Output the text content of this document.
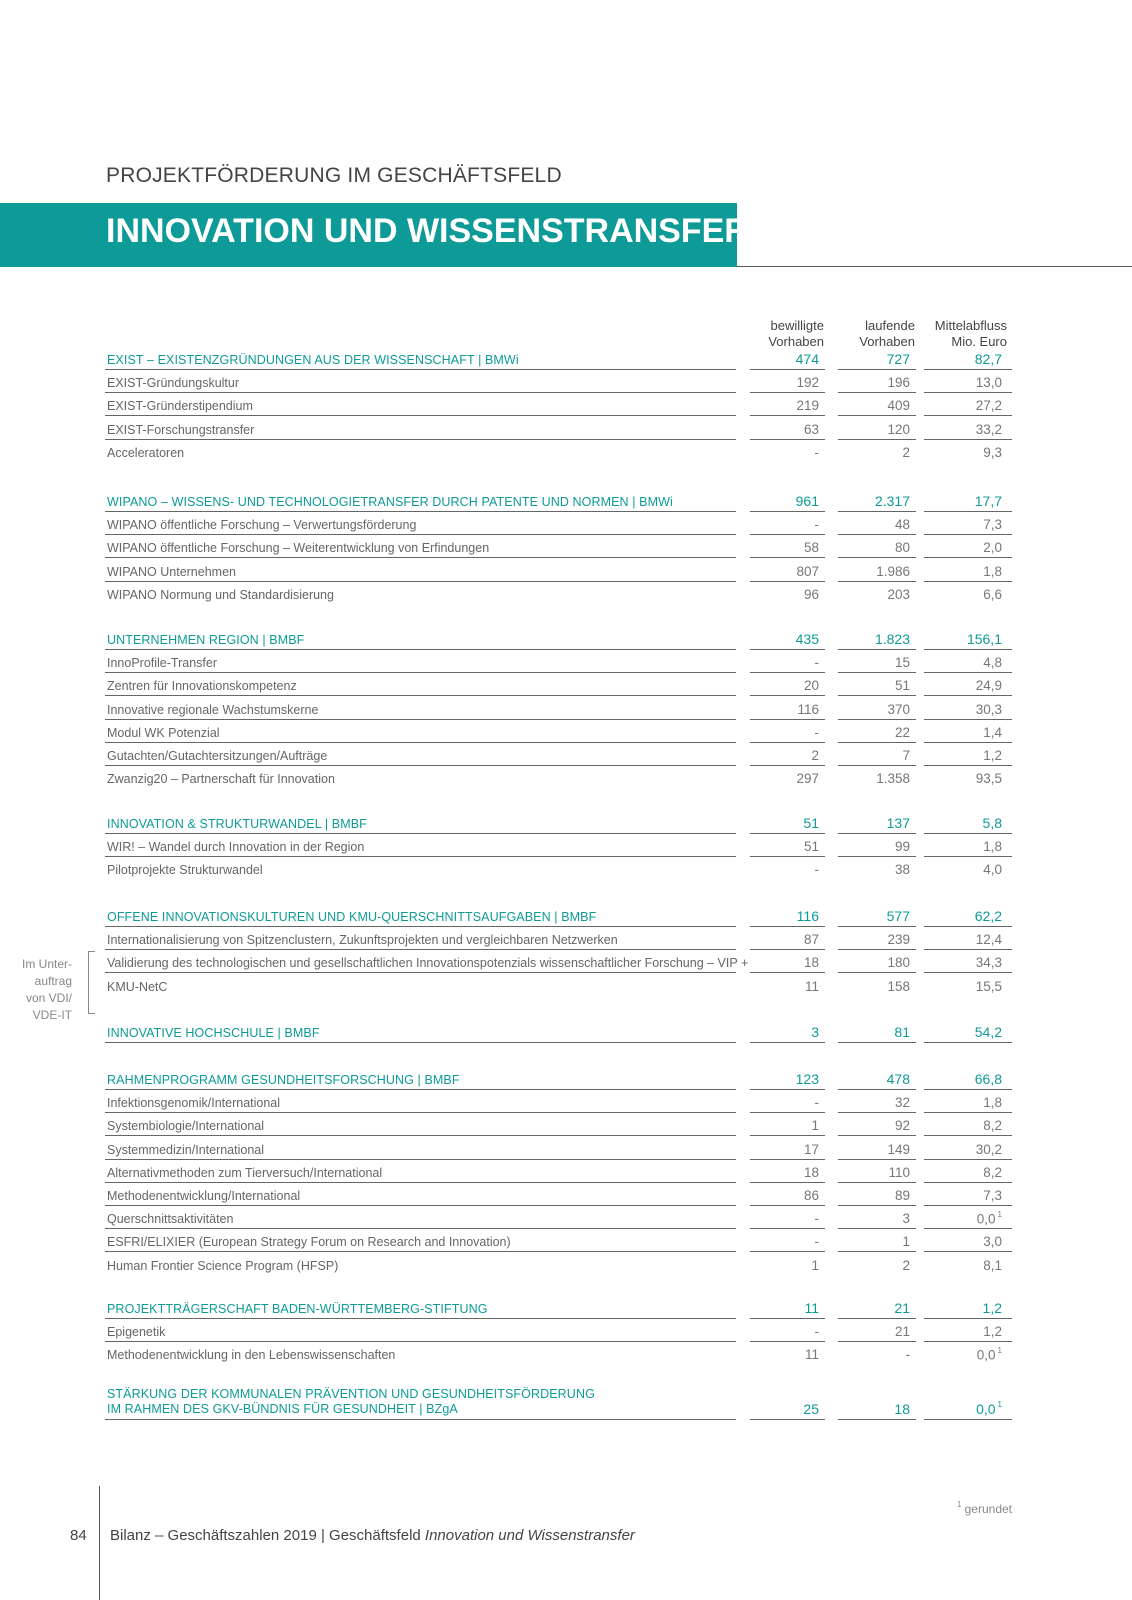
PROJEKTFÖRDERUNG IM GESCHÄFTSFELD
INNOVATION UND WISSENSTRANSFER
bewilligte
Vorhaben
laufende
Vorhaben
Mittelabfluss
Mio. Euro
EXIST – EXISTENZGRÜNDUNGEN AUS DER WISSENSCHAFT | BMWi	474	727	82,7
EXIST-Gründungskultur	192	196	13,0
EXIST-Gründerstipendium	219	409	27,2
EXIST-Forschungstransfer	63	120	33,2
Acceleratoren	-	2	9,3
WIPANO – WISSENS- UND TECHNOLOGIETRANSFER DURCH PATENTE UND NORMEN | BMWi	961	2.317	17,7
WIPANO öffentliche Forschung – Verwertungsförderung	-	48	7,3
WIPANO öffentliche Forschung – Weiterentwicklung von Erfindungen	58	80	2,0
WIPANO Unternehmen	807	1.986	1,8
WIPANO Normung und Standardisierung	96	203	6,6
UNTERNEHMEN REGION | BMBF	435	1.823	156,1
InnoProfile-Transfer	-	15	4,8
Zentren für Innovationskompetenz	20	51	24,9
Innovative regionale Wachstumskerne	116	370	30,3
Modul WK Potenzial	-	22	1,4
Gutachten/Gutachtersitzungen/Aufträge	2	7	1,2
Zwanzig20 – Partnerschaft für Innovation	297	1.358	93,5
INNOVATION & STRUKTURWANDEL | BMBF	51	137	5,8
WIR! – Wandel durch Innovation in der Region	51	99	1,8
Pilotprojekte Strukturwandel	-	38	4,0
OFFENE INNOVATIONSKULTUREN UND KMU-QUERSCHNITTSAUFGABEN | BMBF	116	577	62,2
Internationalisierung von Spitzenclustern, Zukunftsprojekten und vergleichbaren Netzwerken	87	239	12,4
Validierung des technologischen und gesellschaftlichen Innovationspotenzials wissenschaftlicher Forschung – VIP +	18	180	34,3
KMU-NetC	11	158	15,5
INNOVATIVE HOCHSCHULE | BMBF	3	81	54,2
RAHMENPROGRAMM GESUNDHEITSFORSCHUNG | BMBF	123	478	66,8
Infektionsgenomik/International	-	32	1,8
Systembiologie/International	1	92	8,2
Systemmedizin/International	17	149	30,2
Alternativmethoden zum Tierversuch/International	18	110	8,2
Methodenentwicklung/International	86	89	7,3
Querschnittsaktivitäten	-	3	0,0 $^1$
ESFRI/ELIXIER (European Strategy Forum on Research and Innovation)	-	1	3,0
Human Frontier Science Program (HFSP)	1	2	8,1
PROJEKTTRÄGERSCHAFT BADEN-WÜRTTEMBERG-STIFTUNG	11	21	1,2
Epigenetik	-	21	1,2
Methodenentwicklung in den Lebenswissenschaften	11	-	0,0 $^1$
STÄRKUNG DER KOMMUNALEN PRÄVENTION UND GESUNDHEITSFÖRDERUNG
IM RAHMEN DES GKV-BÜNDNIS FÜR GESUNDHEIT | BZgA	25	18	0,0 $^1$
Im Unter-
auftrag
von VDI/
VDE-IT
$^1$ gerundet
84 Bilanz – Geschäftszahlen 2019 | Geschäftsfeld Innovation und Wissenstransfer
